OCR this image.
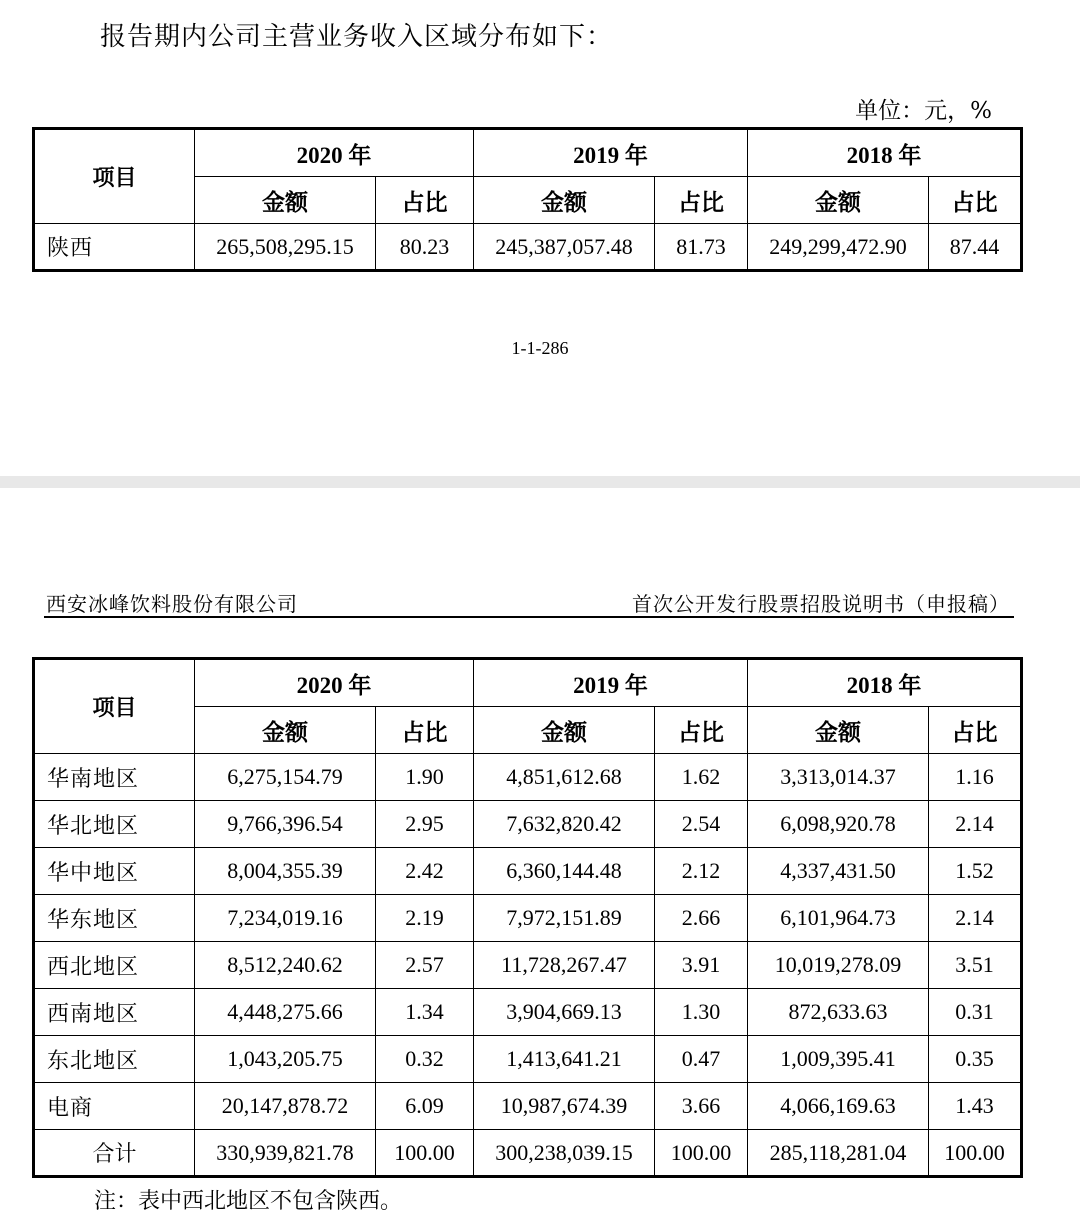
报告期内公司主营业务收入区域分布如下：
单位：元，%
项目	2020 年		2019 年		2018 年	
	金额	占比	金额	占比	金额	占比
陕西	265,508,295.15	80.23	245,387,057.48	81.73	249,299,472.90	87.44
1-1-286
西安冰峰饮料股份有限公司	首次公开发行股票招股说明书（申报稿）
项目	2020 年		2019 年		2018 年	
	金额	占比	金额	占比	金额	占比
华南地区	6,275,154.79	1.90	4,851,612.68	1.62	3,313,014.37	1.16
华北地区	9,766,396.54	2.95	7,632,820.42	2.54	6,098,920.78	2.14
华中地区	8,004,355.39	2.42	6,360,144.48	2.12	4,337,431.50	1.52
华东地区	7,234,019.16	2.19	7,972,151.89	2.66	6,101,964.73	2.14
西北地区	8,512,240.62	2.57	11,728,267.47	3.91	10,019,278.09	3.51
西南地区	4,448,275.66	1.34	3,904,669.13	1.30	872,633.63	0.31
东北地区	1,043,205.75	0.32	1,413,641.21	0.47	1,009,395.41	0.35
电商	20,147,878.72	6.09	10,987,674.39	3.66	4,066,169.63	1.43
合计	330,939,821.78	100.00	300,238,039.15	100.00	285,118,281.04	100.00
注：表中西北地区不包含陕西。
